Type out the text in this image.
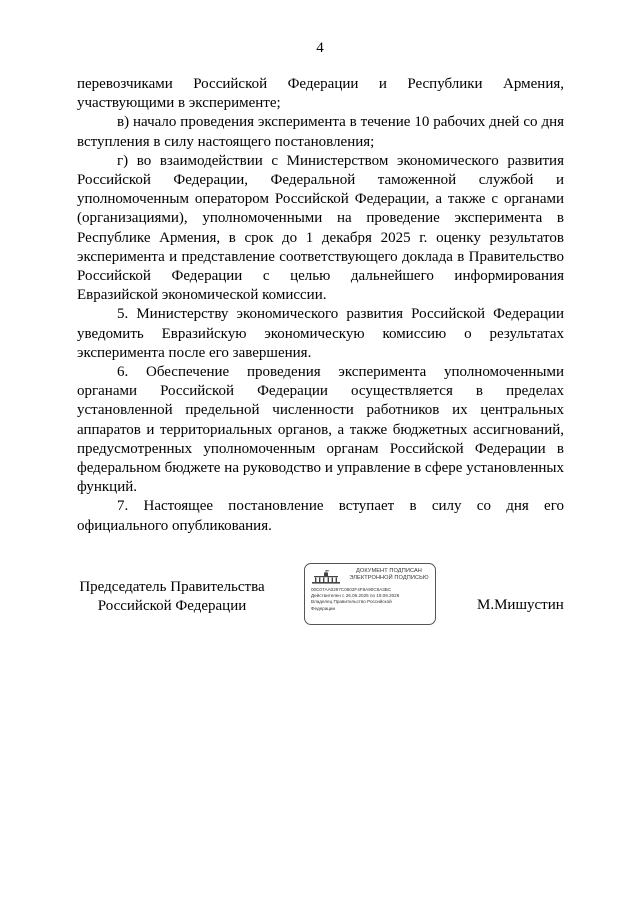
4

перевозчиками Российской Федерации и Республики Армения, участвующими в эксперименте;

в) начало проведения эксперимента в течение 10 рабочих дней со дня вступления в силу настоящего постановления;

г) во взаимодействии с Министерством экономического развития Российской Федерации, Федеральной таможенной службой и уполномоченным оператором Российской Федерации, а также с органами (организациями), уполномоченными на проведение эксперимента в Республике Армения, в срок до 1 декабря 2025 г. оценку результатов эксперимента и представление соответствующего доклада в Правительство Российской Федерации с целью дальнейшего информирования Евразийской экономической комиссии.

5. Министерству экономического развития Российской Федерации уведомить Евразийскую экономическую комиссию о результатах эксперимента после его завершения.

6. Обеспечение проведения эксперимента уполномоченными органами Российской Федерации осуществляется в пределах установленной предельной численности работников их центральных аппаратов и территориальных органов, а также бюджетных ассигнований, предусмотренных уполномоченным органам Российской Федерации в федеральном бюджете на руководство и управление в сфере установленных функций.

7. Настоящее постановление вступает в силу со дня его официального опубликования.

Председатель Правительства
Российской Федерации
ДОКУМЕНТ ПОДПИСАН
ЭЛЕКТРОННОЙ ПОДПИСЬЮ
00C07AA0297C0502F4F8A90C8A3BC
Действителен с 26.06.2025 по 19.09.2026
Владелец Правительство Российской
Федерации	М.Мишустин
